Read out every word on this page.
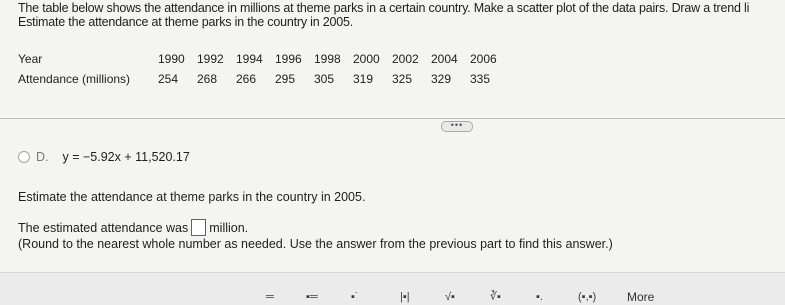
The table below shows the attendance in millions at theme parks in a certain country. Make a scatter plot of the data pairs. Draw a trend li
Estimate the attendance at theme parks in the country in 2005.
Year	1990	1992	1994	1996	1998	2000	2002	2004	2006
Attendance (millions)	254	268	266	295	305	319	325	329	335
•••
D. y = −5.92x + 11,520.17
Estimate the attendance at theme parks in the country in 2005.
The estimated attendance was million.
(Round to the nearest whole number as needed. Use the answer from the previous part to find this answer.)
═	▪═	▪˙	|▪|	√▪	∛▪	▪.	(▪,▪)	More
